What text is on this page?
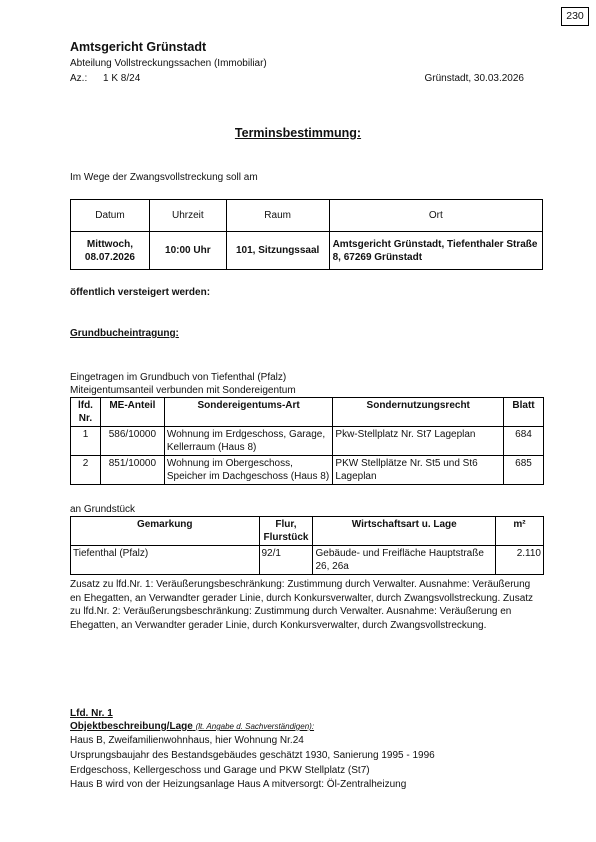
230
Amtsgericht Grünstadt
Abteilung Vollstreckungssachen (Immobiliar)
Az.: 1 K 8/24	Grünstadt, 30.03.2026
Terminsbestimmung:
Im Wege der Zwangsvollstreckung soll am
Datum	Uhrzeit	Raum	Ort
Mittwoch,
08.07.2026	10:00 Uhr	101, Sitzungssaal	Amtsgericht Grünstadt, Tiefenthaler Straße 8, 67269 Grünstadt
öffentlich versteigert werden:
Grundbucheintragung:
Eingetragen im Grundbuch von Tiefenthal (Pfalz)
Miteigentumsanteil verbunden mit Sondereigentum
lfd. Nr.	ME-Anteil	Sondereigentums-Art	Sondernutzungsrecht	Blatt
1	586/10000	Wohnung im Erdgeschoss, Garage, Kellerraum (Haus 8)	Pkw-Stellplatz Nr. St7 Lageplan	684
2	851/10000	Wohnung im Obergeschoss, Speicher im Dachgeschoss (Haus 8)	PKW Stellplätze Nr. St5 und St6 Lageplan	685
an Grundstück
Gemarkung	Flur, Flurstück	Wirtschaftsart u. Lage	m²
Tiefenthal (Pfalz)	92/1	Gebäude- und Freifläche Hauptstraße 26, 26a	2.110
Zusatz zu lfd.Nr. 1: Veräußerungsbeschränkung: Zustimmung durch Verwalter. Ausnahme: Veräußerung en Ehegatten, an Verwandter gerader Linie, durch Konkursverwalter, durch Zwangsvollstreckung. Zusatz zu lfd.Nr. 2: Veräußerungsbeschränkung: Zustimmung durch Verwalter. Ausnahme: Veräußerung en Ehegatten, an Verwandter gerader Linie, durch Konkursverwalter, durch Zwangsvollstreckung.
Lfd. Nr. 1
Objektbeschreibung/Lage (lt. Angabe d. Sachverständigen):
Haus B, Zweifamilienwohnhaus, hier Wohnung Nr.24
Ursprungsbaujahr des Bestandsgebäudes geschätzt 1930, Sanierung 1995 - 1996
Erdgeschoss, Kellergeschoss und Garage und PKW Stellplatz (St7)
Haus B wird von der Heizungsanlage Haus A mitversorgt: Öl-Zentralheizung
